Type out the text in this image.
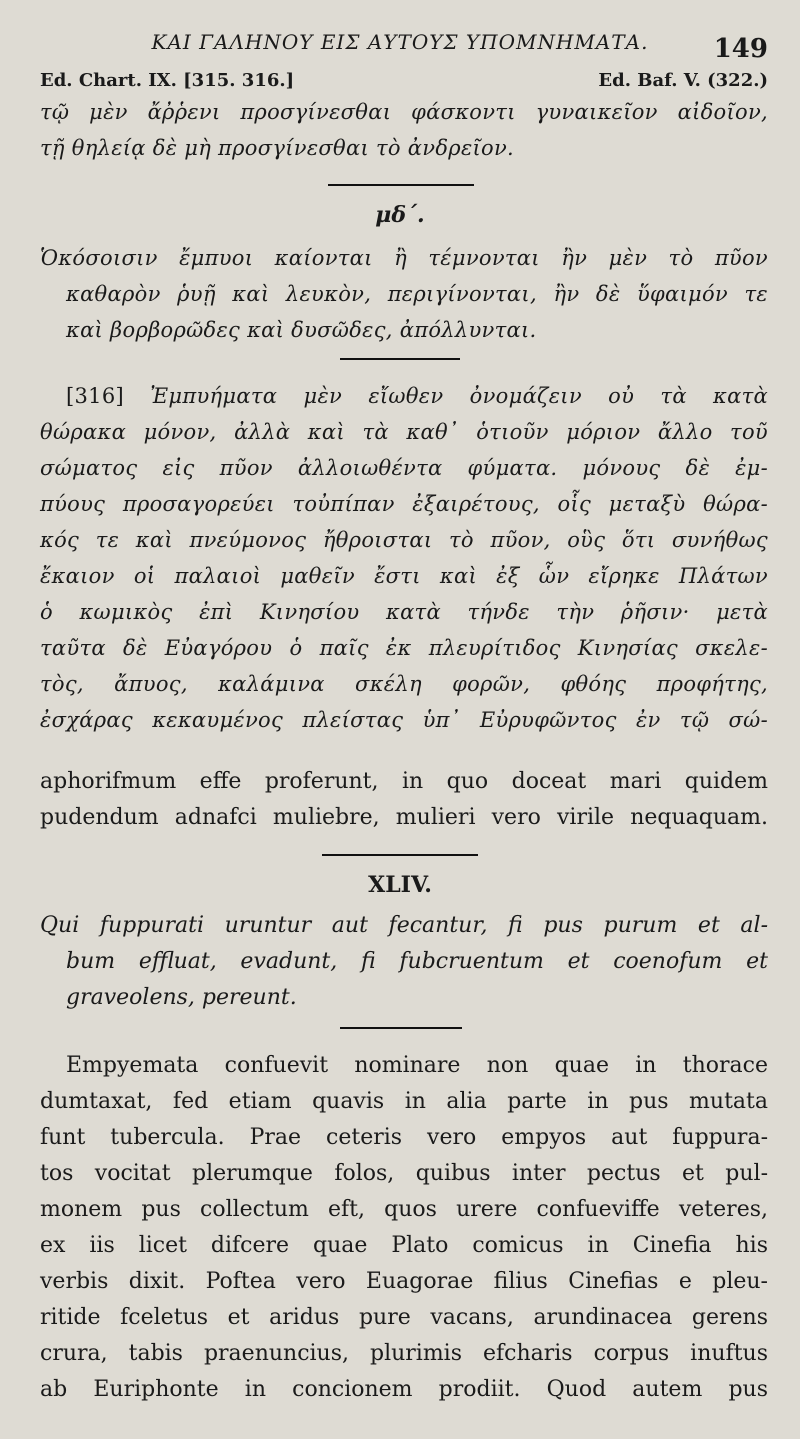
ΚΑΙ ΓΑΛΗΝΟΥ ΕΙΣ ΑΥΤΟΥΣ ΥΠΟΜΝΗΜΑΤΑ.	149
Ed. Chart. IX. [315. 316.]	Ed. Baf. V. (322.)
τῷ μὲν ἄῤῥενι προσγίνεσθαι φάσκοντι γυναικεῖον αἰδοῖον,
τῇ θηλείᾳ δὲ μὴ προσγίνεσθαι τὸ ἀνδρεῖον.
μδ΄.
Ὁκόσοισιν ἔμπυοι καίονται ἢ τέμνονται ἢν μὲν τὸ πῦον
καθαρὸν ῥυῇ καὶ λευκὸν, περιγίνονται, ἢν δὲ ὕφαιμόν τε
καὶ βορβορῶδες καὶ δυσῶδες, ἀπόλλυνται.
[316] Ἐμπυήματα μὲν εἴωθεν ὀνομάζειν οὐ τὰ κατὰ
θώρακα μόνον, ἀλλὰ καὶ τὰ καθ᾽ ὁτιοῦν μόριον ἄλλο τοῦ
σώματος εἰς πῦον ἀλλοιωθέντα φύματα. μόνους δὲ ἐμ-
πύους προσαγορεύει τοὐπίπαν ἐξαιρέτους, οἷς μεταξὺ θώρα-
κός τε καὶ πνεύμονος ἤθροισται τὸ πῦον, οὓς ὅτι συνήθως
ἔκαιον οἱ παλαιοὶ μαθεῖν ἔστι καὶ ἐξ ὧν εἴρηκε Πλάτων
ὁ κωμικὸς ἐπὶ Κινησίου κατὰ τήνδε τὴν ῥῆσιν· μετὰ
ταῦτα δὲ Εὐαγόρου ὁ παῖς ἐκ πλευρίτιδος Κινησίας σκελε-
τὸς, ἄπυος, καλάμινα σκέλη φορῶν, φθόης προφήτης,
ἐσχάρας κεκαυμένος πλείστας ὑπ᾽ Εὐρυφῶντος ἐν τῷ σώ-
aphorifmum effe proferunt, in quo doceat mari quidem
pudendum adnafci muliebre, mulieri vero virile nequaquam.
XLIV.
Qui fuppurati uruntur aut fecantur, fi pus purum et al-
bum effluat, evadunt, fi fubcruentum et coenofum et
graveolens, pereunt.
Empyemata confuevit nominare non quae in thorace
dumtaxat, fed etiam quavis in alia parte in pus mutata
funt tubercula. Prae ceteris vero empyos aut fuppura-
tos vocitat plerumque folos, quibus inter pectus et pul-
monem pus collectum eft, quos urere confueviffe veteres,
ex iis licet difcere quae Plato comicus in Cinefia his
verbis dixit. Poftea vero Euagorae filius Cinefias e pleu-
ritide fceletus et aridus pure vacans, arundinacea gerens
crura, tabis praenuncius, plurimis efcharis corpus inuftus
ab Euriphonte in concionem prodiit. Quod autem pus
